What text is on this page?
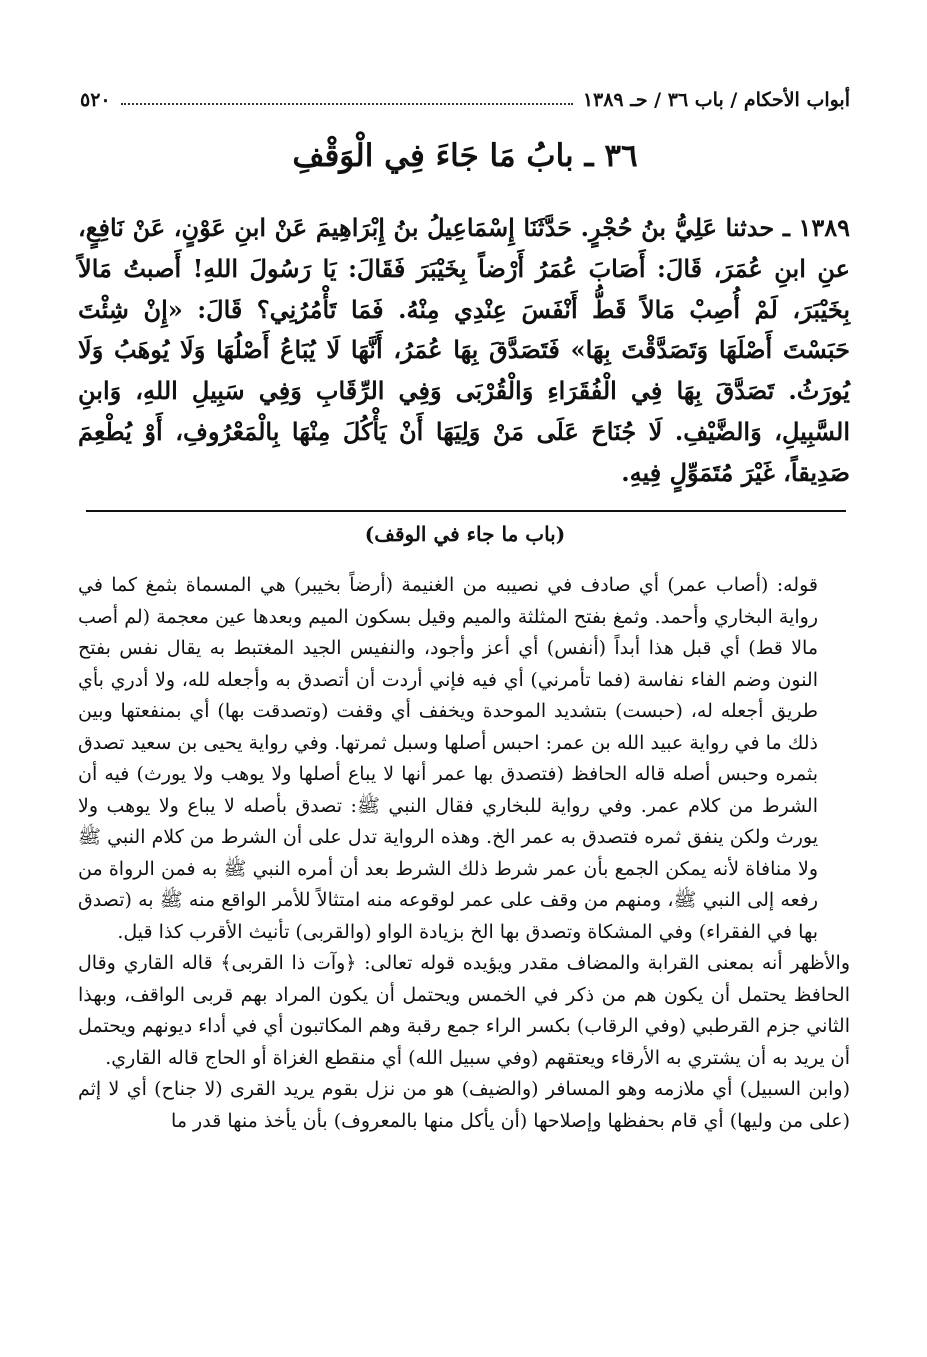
أبواب الأحكام / باب ٣٦ / حـ ١٣٨٩
٥٢٠
٣٦ ـ بابُ مَا جَاءَ فِي الْوَقْفِ

١٣٨٩ ـ حدثنا عَلِيُّ بنُ حُجْرٍ. حَدَّثَنَا إِسْمَاعِيلُ بنُ إِبْرَاهِيمَ عَنْ ابنِ عَوْنٍ، عَنْ نَافِعٍ، عنِ ابنِ عُمَرَ، قَالَ: أَصَابَ عُمَرُ أَرْضاً بِخَيْبَرَ فَقَالَ: يَا رَسُولَ اللهِ! أَصبتُ مَالاً بِخَيْبَرَ، لَمْ أُصِبْ مَالاً قَطُّ أَنْفَسَ عِنْدِي مِنْهُ. فَمَا تَأْمُرُنِي؟ قَالَ: «إِنْ شِئْتَ حَبَسْتَ أَصْلَهَا وَتَصَدَّقْتَ بِهَا» فَتَصَدَّقَ بِهَا عُمَرُ، أَنَّهَا لَا يُبَاعُ أَصْلُهَا وَلَا يُوهَبُ وَلَا يُورَثُ. تَصَدَّقَ بِهَا فِي الْفُقَرَاءِ وَالْقُرْبَى وَفِي الرِّقَابِ وَفِي سَبِيلِ اللهِ، وَابنِ السَّبِيلِ، وَالضَّيْفِ. لَا جُنَاحَ عَلَى مَنْ وَلِيَهَا أَنْ يَأْكُلَ مِنْهَا بِالْمَعْرُوفِ، أَوْ يُطْعِمَ صَدِيقاً، غَيْرَ مُتَمَوِّلٍ فِيهِ.

(باب ما جاء في الوقف)

قوله: (أصاب عمر) أي صادف في نصيبه من الغنيمة (أرضاً بخيبر) هي المسماة بثمغ كما في رواية البخاري وأحمد. وثمغ بفتح المثلثة والميم وقيل بسكون الميم وبعدها عين معجمة (لم أصب مالا قط) أي قبل هذا أبداً (أنفس) أي أعز وأجود، والنفيس الجيد المغتبط به يقال نفس بفتح النون وضم الفاء نفاسة (فما تأمرني) أي فيه فإني أردت أن أتصدق به وأجعله لله، ولا أدري بأي طريق أجعله له، (حبست) بتشديد الموحدة ويخفف أي وقفت (وتصدقت بها) أي بمنفعتها وبين ذلك ما في رواية عبيد الله بن عمر: احبس أصلها وسبل ثمرتها. وفي رواية يحيى بن سعيد تصدق بثمره وحبس أصله قاله الحافظ (فتصدق بها عمر أنها لا يباع أصلها ولا يوهب ولا يورث) فيه أن الشرط من كلام عمر. وفي رواية للبخاري فقال النبي ﷺ: تصدق بأصله لا يباع ولا يوهب ولا يورث ولكن ينفق ثمره فتصدق به عمر الخ. وهذه الرواية تدل على أن الشرط من كلام النبي ﷺ ولا منافاة لأنه يمكن الجمع بأن عمر شرط ذلك الشرط بعد أن أمره النبي ﷺ به فمن الرواة من رفعه إلى النبي ﷺ، ومنهم من وقف على عمر لوقوعه منه امتثالاً للأمر الواقع منه ﷺ به (تصدق بها في الفقراء) وفي المشكاة وتصدق بها الخ بزيادة الواو (والقربى) تأنيث الأقرب كذا قيل.

والأظهر أنه بمعنى القرابة والمضاف مقدر ويؤيده قوله تعالى: ﴿وآت ذا القربى﴾ قاله القاري وقال الحافظ يحتمل أن يكون هم من ذكر في الخمس ويحتمل أن يكون المراد بهم قربى الواقف، وبهذا الثاني جزم القرطبي (وفي الرقاب) بكسر الراء جمع رقبة وهم المكاتبون أي في أداء ديونهم ويحتمل أن يريد به أن يشتري به الأرقاء ويعتقهم (وفي سبيل الله) أي منقطع الغزاة أو الحاج قاله القاري.

(وابن السبيل) أي ملازمه وهو المسافر (والضيف) هو من نزل بقوم يريد القرى (لا جناح) أي لا إثم (على من وليها) أي قام بحفظها وإصلاحها (أن يأكل منها بالمعروف) بأن يأخذ منها قدر ما
